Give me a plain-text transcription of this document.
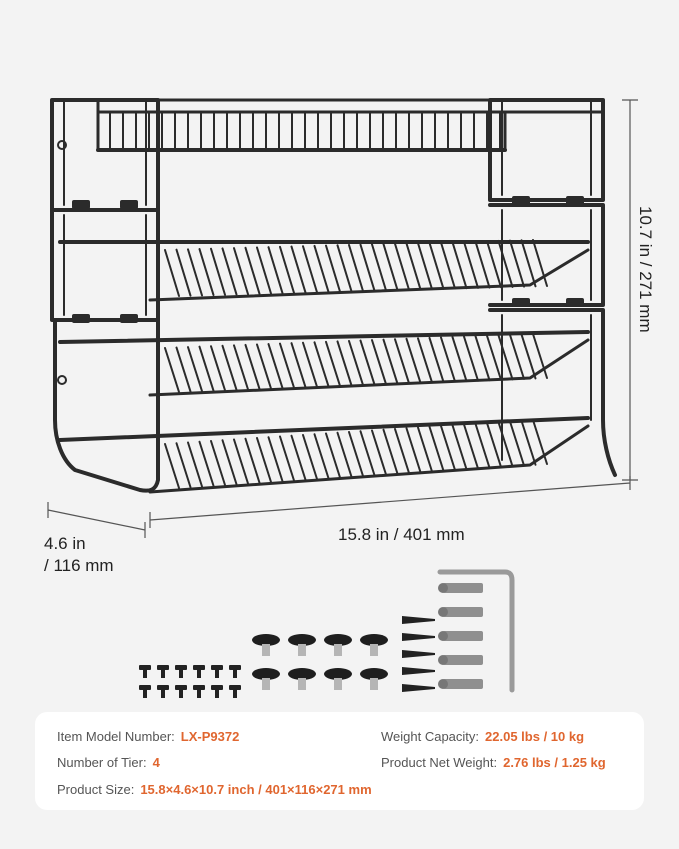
10.7 in / 271 mm
15.8 in / 401 mm
4.6 in
/ 116 mm
Item Model Number: LX-P9372
Number of Tier: 4
Product Size: 15.8×4.6×10.7 inch / 401×116×271 mm
Weight Capacity: 22.05 lbs / 10 kg
Product Net Weight: 2.76 lbs / 1.25 kg
